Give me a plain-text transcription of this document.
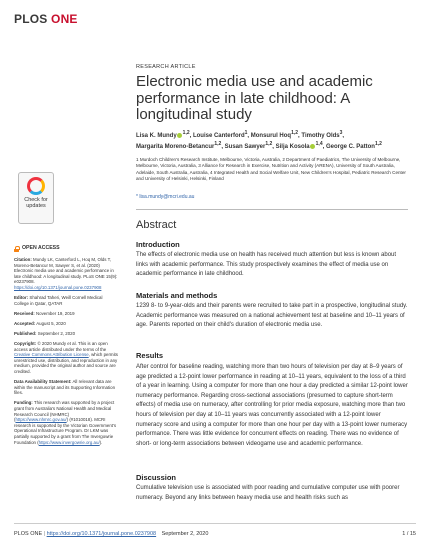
PLOS ONE
Check for updates
OPEN ACCESS

Citation: Mundy LK, Canterford L, Hoq M, Olds T, Moreno-Betancur M, Sawyer S, et al. (2020) Electronic media use and academic performance in late childhood: A longitudinal study. PLoS ONE 15(9): e0237908. https://doi.org/10.1371/journal.pone.0237908

Editor: Shahrad Taheri, Weill Cornell Medical College in Qatar, QATAR

Received: November 19, 2019

Accepted: August 5, 2020

Published: September 2, 2020

Copyright: © 2020 Mundy et al. This is an open access article distributed under the terms of the Creative Commons Attribution License, which permits unrestricted use, distribution, and reproduction in any medium, provided the original author and source are credited.

Data Availability Statement: All relevant data are within the manuscript and its Supporting Information files.

Funding: This research was supported by a project grant from Australia's National Health and Medical Research Council (NHMRC) (https://www.nhmrc.gov.au/) (#1010018). MCRI research is supported by the Victorian Government's Operational Infrastructure Program. Dr LKM was partially supported by a grant from The Invergowrie Foundation (https://www.invergowrie.org.au/).

RESEARCH ARTICLE
Electronic media use and academic performance in late childhood: A longitudinal study
Lisa K. Mundy $^{1,2}$, Louise Canterford$^1$, Monsurul Hoq$^{1,2}$, Timothy Olds$^3$,
Margarita Moreno-Betancur$^{1,2}$, Susan Sawyer$^{1,2}$, Silja Kosola $^{1,4}$, George C. Patton$^{1,2}$
1 Murdoch Children's Research Institute, Melbourne, Victoria, Australia, 2 Department of Paediatrics, The University of Melbourne, Melbourne, Victoria, Australia, 3 Alliance for Research in Exercise, Nutrition and Activity (ARENA), University of South Australia, Adelaide, South Australia, Australia, 4 Integrated Health and Social Welfare Unit, New Children's Hospital, Pediatric Research Center and University of Helsinki, Helsinki, Finland
* lisa.mundy@mcri.edu.au
Abstract
Introduction
The effects of electronic media use on health has received much attention but less is known about links with academic performance. This study prospectively examines the effect of media use on academic performance in late childhood.
Materials and methods
1239 8- to 9-year-olds and their parents were recruited to take part in a prospective, longitudinal study. Academic performance was measured on a national achievement test at baseline and 10–11 years of age. Parents reported on their child's duration of electronic media use.
Results
After control for baseline reading, watching more than two hours of television per day at 8–9 years of age predicted a 12-point lower performance in reading at 10–11 years, equivalent to the loss of a third of a year in learning. Using a computer for more than one hour a day predicted a similar 12-point lower numeracy performance. Regarding cross-sectional associations (presumed to capture short-term effects) of media use on numeracy, after controlling for prior media exposure, watching more than two hours of television per day at 10–11 years was concurrently associated with a 12-point lower numeracy score and using a computer for more than one hour per day with a 13-point lower numeracy performance. There was little evidence for concurrent effects on reading. There was no evidence of short- or long-term associations between videogame use and academic performance.
Discussion
Cumulative television use is associated with poor reading and cumulative computer use with poorer numeracy. Beyond any links between heavy media use and health risks such as
PLOS ONE | https://doi.org/10.1371/journal.pone.0237908 September 2, 2020	1 / 15
